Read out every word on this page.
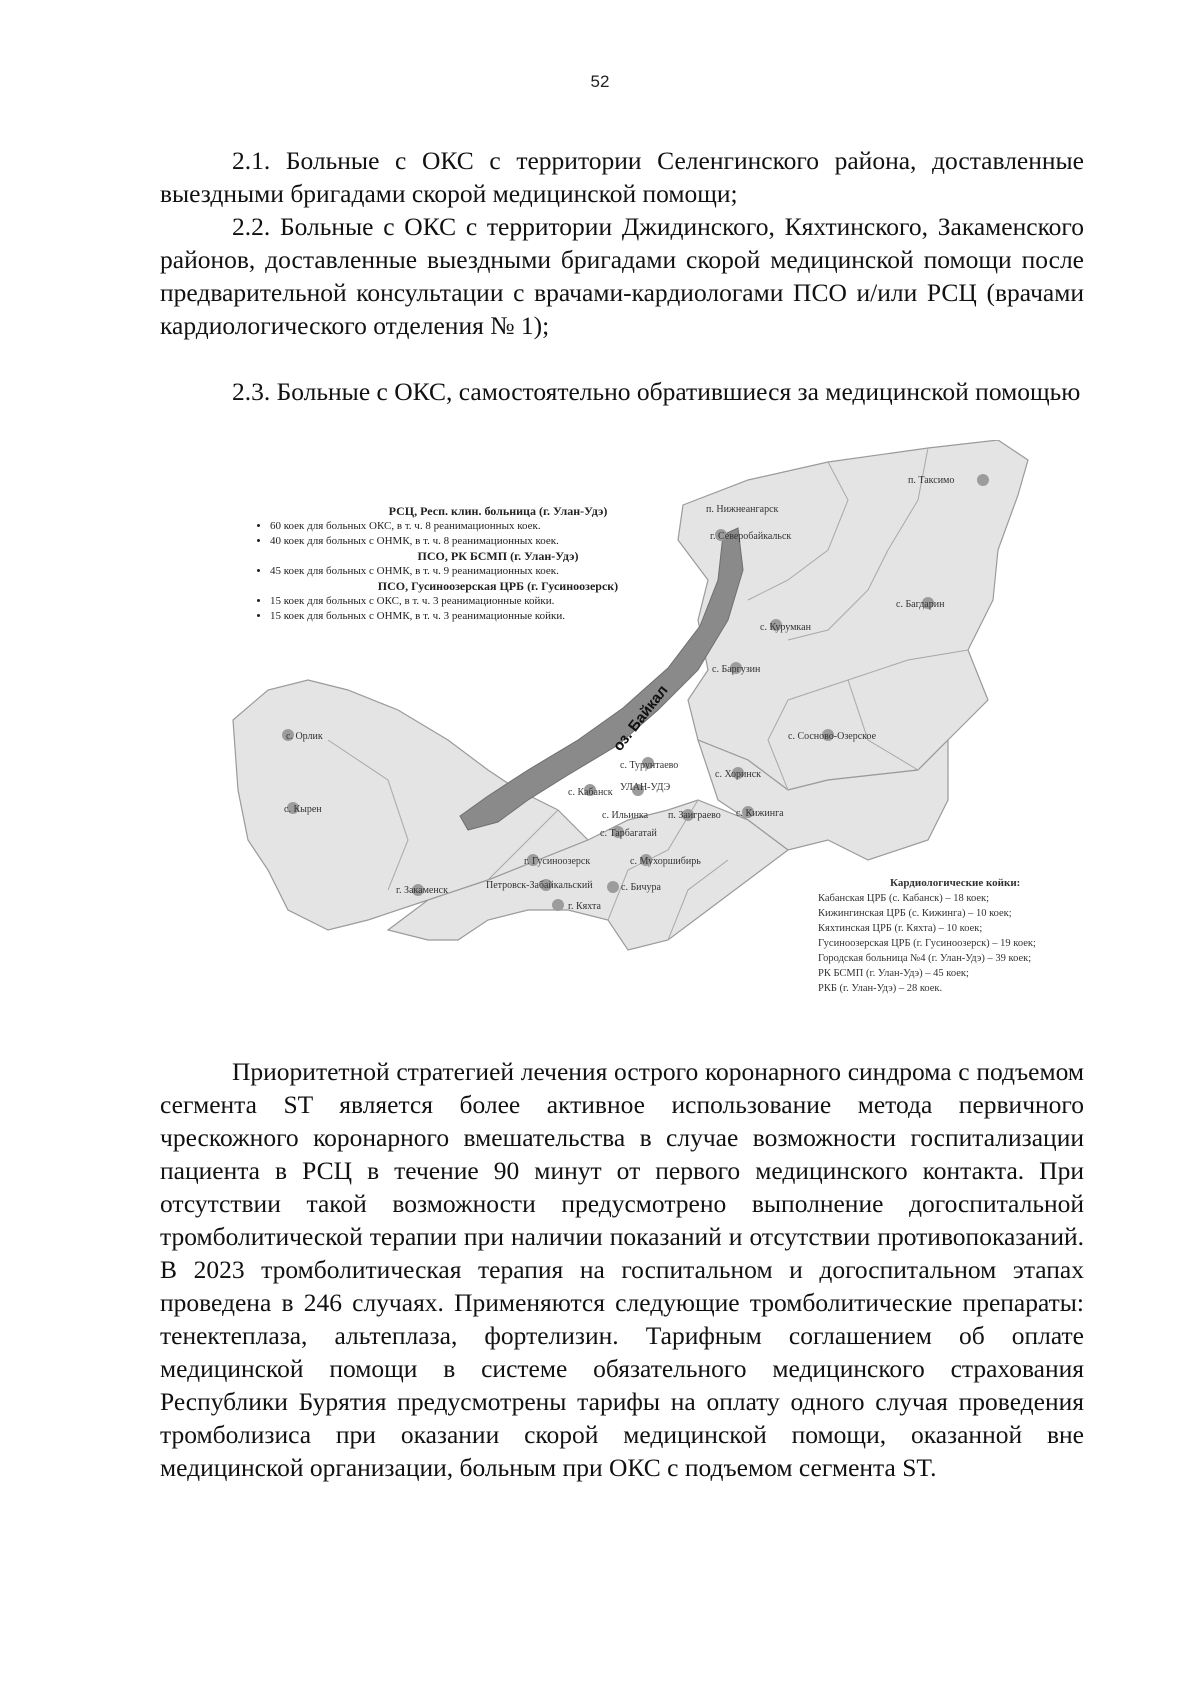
52

2.1. Больные с ОКС с территории Селенгинского района, доставленные выездными бригадами скорой медицинской помощи;

2.2. Больные с ОКС с территории Джидинского, Кяхтинского, Закаменского районов, доставленные выездными бригадами скорой медицинской помощи после предварительной консультации с врачами-кардиологами ПСО и/или РСЦ (врачами кардиологического отделения № 1);

2.3. Больные с ОКС, самостоятельно обратившиеся за медицинской помощью

оз. Байкал
п. Таксимо
п. Нижнеангарск
г. Северобайкальск
с. Курумкан
с. Багдарин
с. Баргузин
с. Сосново-Озерское
с. Орлик
с. Турунтаево
с. Кабанск УЛАН-УДЭ
с. Хоринск
с. Кырен
с. Ильинка п. Заиграево с. Кижинга
с. Тарбагатай
г. Гусиноозерск	с. Мухоршибирь
г. Закаменск	Петровск-Забайкальский
г. Кяхта
с. Бичура
РСЦ, Респ. клин. больница (г. Улан-Удэ)
• 60 коек для больных ОКС, в т. ч. 8 реанимационных коек.
• 40 коек для больных с ОНМК, в т. ч. 8 реанимационных коек.
ПСО, РК БСМП (г. Улан-Удэ)
• 45 коек для больных с ОНМК, в т. ч. 9 реанимационных коек.
ПСО, Гусиноозерская ЦРБ (г. Гусиноозерск)
• 15 коек для больных с ОКС, в т. ч. 3 реанимационные койки.
• 15 коек для больных с ОНМК, в т. ч. 3 реанимационные койки.
Кардиологические койки:
Кабанская ЦРБ (с. Кабанск) – 18 коек;
Кижингинская ЦРБ (с. Кижинга) – 10 коек;
Кяхтинская ЦРБ (г. Кяхта) – 10 коек;
Гусиноозерская ЦРБ (г. Гусиноозерск) – 19 коек;
Городская больница №4 (г. Улан-Удэ) – 39 коек;
РК БСМП (г. Улан-Удэ) – 45 коек;
РКБ (г. Улан-Удэ) – 28 коек.

Приоритетной стратегией лечения острого коронарного синдрома с подъемом сегмента ST является более активное использование метода первичного чрескожного коронарного вмешательства в случае возможности госпитализации пациента в РСЦ в течение 90 минут от первого медицинского контакта. При отсутствии такой возможности предусмотрено выполнение догоспитальной тромболитической терапии при наличии показаний и отсутствии противопоказаний. В 2023 тромболитическая терапия на госпитальном и догоспитальном этапах проведена в 246 случаях. Применяются следующие тромболитические препараты: тенектеплаза, альтеплаза, фортелизин. Тарифным соглашением об оплате медицинской помощи в системе обязательного медицинского страхования Республики Бурятия предусмотрены тарифы на оплату одного случая проведения тромболизиса при оказании скорой медицинской помощи, оказанной вне медицинской организации, больным при ОКС с подъемом сегмента ST.
